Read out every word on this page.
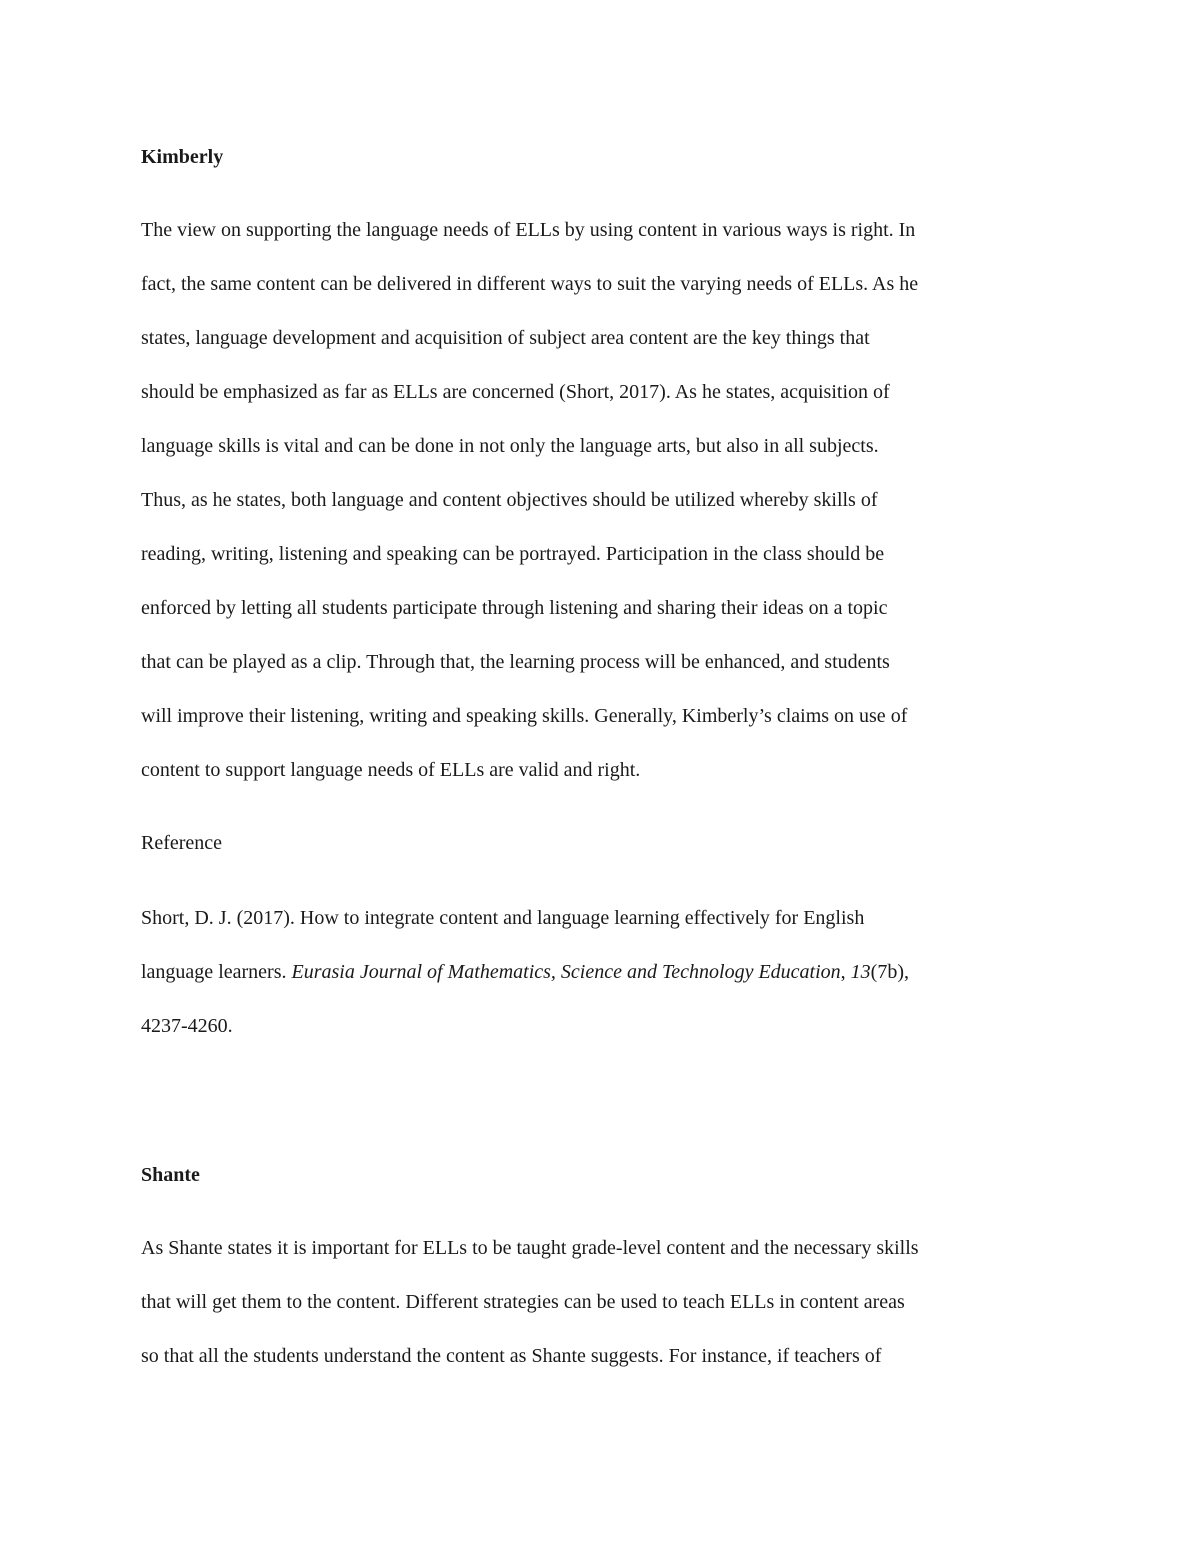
Kimberly
The view on supporting the language needs of ELLs by using content in various ways is right. In
fact, the same content can be delivered in different ways to suit the varying needs of ELLs. As he
states, language development and acquisition of subject area content are the key things that
should be emphasized as far as ELLs are concerned (Short, 2017). As he states, acquisition of
language skills is vital and can be done in not only the language arts, but also in all subjects.
Thus, as he states, both language and content objectives should be utilized whereby skills of
reading, writing, listening and speaking can be portrayed. Participation in the class should be
enforced by letting all students participate through listening and sharing their ideas on a topic
that can be played as a clip. Through that, the learning process will be enhanced, and students
will improve their listening, writing and speaking skills. Generally, Kimberly’s claims on use of
content to support language needs of ELLs are valid and right.
Reference
Short, D. J. (2017). How to integrate content and language learning effectively for English
language learners. Eurasia Journal of Mathematics, Science and Technology Education, 13(7b),
4237-4260.
Shante
As Shante states it is important for ELLs to be taught grade-level content and the necessary skills
that will get them to the content. Different strategies can be used to teach ELLs in content areas
so that all the students understand the content as Shante suggests. For instance, if teachers of
